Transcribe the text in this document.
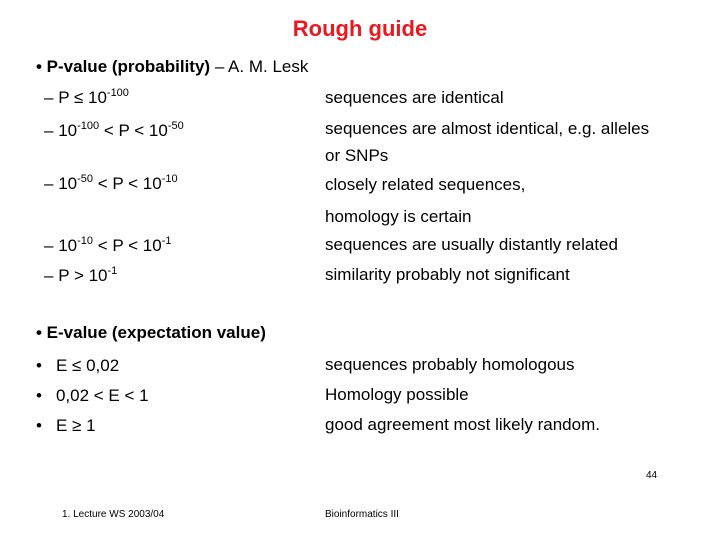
Rough guide
• P-value (probability) – A. M. Lesk
– $P \le 10^{-100}$	sequences are identical
– $10^{-100} < P < 10^{-50}$	sequences are almost identical, e.g. alleles
or SNPs
– $10^{-50} < P < 10^{-10}$	closely related sequences,
homology is certain
– $10^{-10} < P < 10^{-1}$	sequences are usually distantly related
– $P > 10^{-1}$	similarity probably not significant
• E-value (expectation value)
• E ≤ 0,02	sequences probably homologous
• 0,02 < E < 1	Homology possible
• E ≥ 1	good agreement most likely random.
1. Lecture WS 2003/04	Bioinformatics III
44
